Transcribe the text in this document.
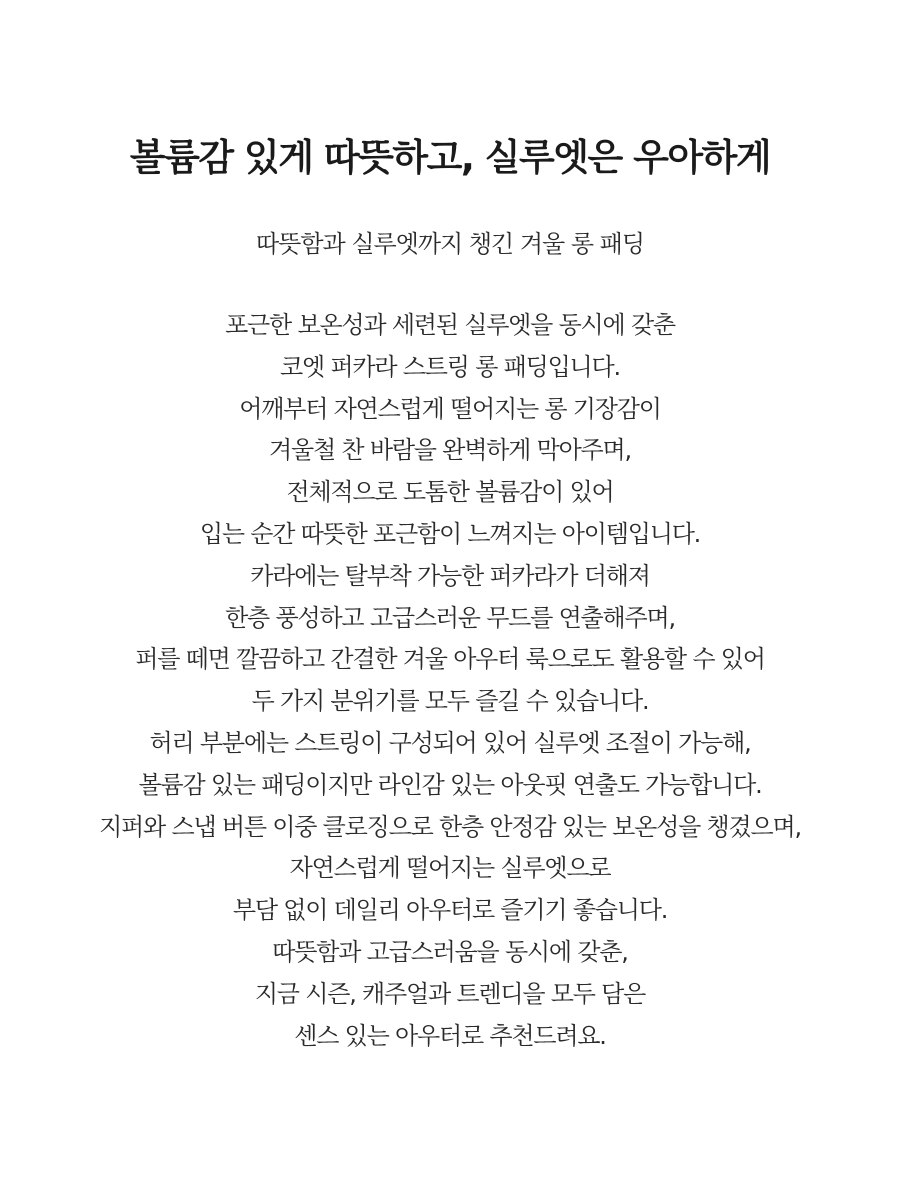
볼륨감 있게 따뜻하고, 실루엣은 우아하게

따뜻함과 실루엣까지 챙긴 겨울 롱 패딩

포근한 보온성과 세련된 실루엣을 동시에 갖춘
코엣 퍼카라 스트링 롱 패딩입니다.
어깨부터 자연스럽게 떨어지는 롱 기장감이
겨울철 찬 바람을 완벽하게 막아주며,
전체적으로 도톰한 볼륨감이 있어
입는 순간 따뜻한 포근함이 느껴지는 아이템입니다.
카라에는 탈부착 가능한 퍼카라가 더해져
한층 풍성하고 고급스러운 무드를 연출해주며,
퍼를 떼면 깔끔하고 간결한 겨울 아우터 룩으로도 활용할 수 있어
두 가지 분위기를 모두 즐길 수 있습니다.
허리 부분에는 스트링이 구성되어 있어 실루엣 조절이 가능해,
볼륨감 있는 패딩이지만 라인감 있는 아웃핏 연출도 가능합니다.
지퍼와 스냅 버튼 이중 클로징으로 한층 안정감 있는 보온성을 챙겼으며,
자연스럽게 떨어지는 실루엣으로
부담 없이 데일리 아우터로 즐기기 좋습니다.
따뜻함과 고급스러움을 동시에 갖춘,
지금 시즌, 캐주얼과 트렌디을 모두 담은
센스 있는 아우터로 추천드려요.
